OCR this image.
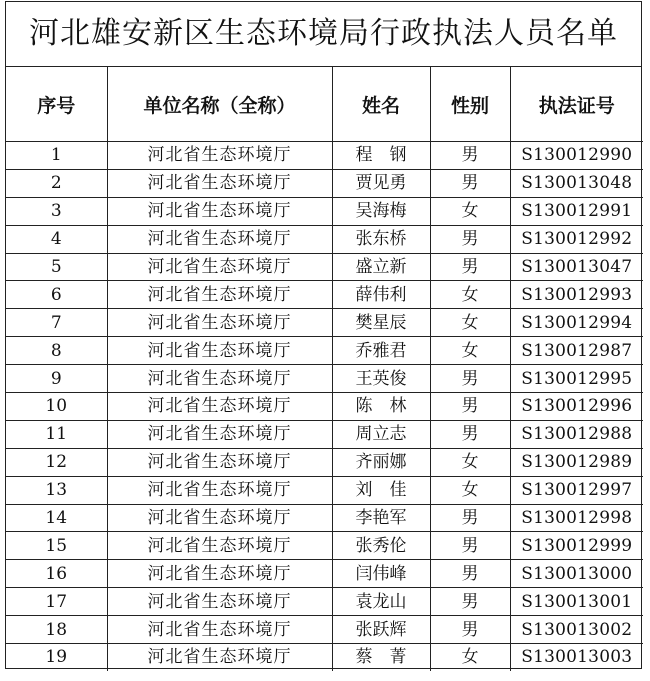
河北雄安新区生态环境局行政执法人员名单
序号	单位名称（全称）	姓名	性别	执法证号
1	河北省生态环境厅	程　钢	男	S130012990
2	河北省生态环境厅	贾见勇	男	S130013048
3	河北省生态环境厅	吴海梅	女	S130012991
4	河北省生态环境厅	张东桥	男	S130012992
5	河北省生态环境厅	盛立新	男	S130013047
6	河北省生态环境厅	薛伟利	女	S130012993
7	河北省生态环境厅	樊星辰	女	S130012994
8	河北省生态环境厅	乔雅君	女	S130012987
9	河北省生态环境厅	王英俊	男	S130012995
10	河北省生态环境厅	陈　林	男	S130012996
11	河北省生态环境厅	周立志	男	S130012988
12	河北省生态环境厅	齐丽娜	女	S130012989
13	河北省生态环境厅	刘　佳	女	S130012997
14	河北省生态环境厅	李艳军	男	S130012998
15	河北省生态环境厅	张秀伦	男	S130012999
16	河北省生态环境厅	闫伟峰	男	S130013000
17	河北省生态环境厅	袁龙山	男	S130013001
18	河北省生态环境厅	张跃辉	男	S130013002
19	河北省生态环境厅	蔡　菁	女	S130013003
